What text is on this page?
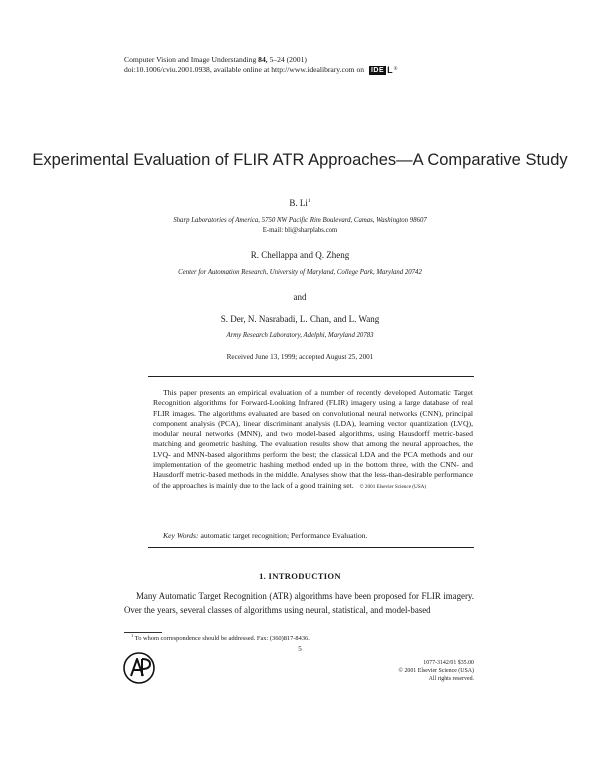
Computer Vision and Image Understanding 84, 5–24 (2001)
doi:10.1006/cviu.2001.0938, available online at http://www.idealibrary.com on IDE L ®
Experimental Evaluation of FLIR ATR Approaches—A Comparative Study
B. Li$^1$
Sharp Laboratories of America, 5750 NW Pacific Rim Boulevard, Camas, Washington 98607
E-mail: bli@sharplabs.com
R. Chellappa and Q. Zheng
Center for Automation Research, University of Maryland, College Park, Maryland 20742
and
S. Der, N. Nasrabadi, L. Chan, and L. Wang
Army Research Laboratory, Adelphi, Maryland 20783
Received June 13, 1999; accepted August 25, 2001
This paper presents an empirical evaluation of a number of recently developed Automatic Target Recognition algorithms for Forward-Looking Infrared (FLIR) imagery using a large database of real FLIR images. The algorithms evaluated are based on convolutional neural networks (CNN), principal component analysis (PCA), linear discriminant analysis (LDA), learning vector quantization (LVQ), modular neural networks (MNN), and two model-based algorithms, using Hausdorff metric-based matching and geometric hashing. The evaluation results show that among the neural approaches, the LVQ- and MNN-based algorithms perform the best; the classical LDA and the PCA methods and our implementation of the geometric hashing method ended up in the bottom three, with the CNN- and Hausdorff metric-based methods in the middle. Analyses show that the less-than-desirable performance of the approaches is mainly due to the lack of a good training set. © 2001 Elsevier Science (USA)
Key Words: automatic target recognition; Performance Evaluation.
1. INTRODUCTION
Many Automatic Target Recognition (ATR) algorithms have been proposed for FLIR imagery. Over the years, several classes of algorithms using neural, statistical, and model-based
$^1$ To whom correspondence should be addressed. Fax: (360)817-8436.
5
1077-3142/01 $35.00
© 2001 Elsevier Science (USA)
All rights reserved.
